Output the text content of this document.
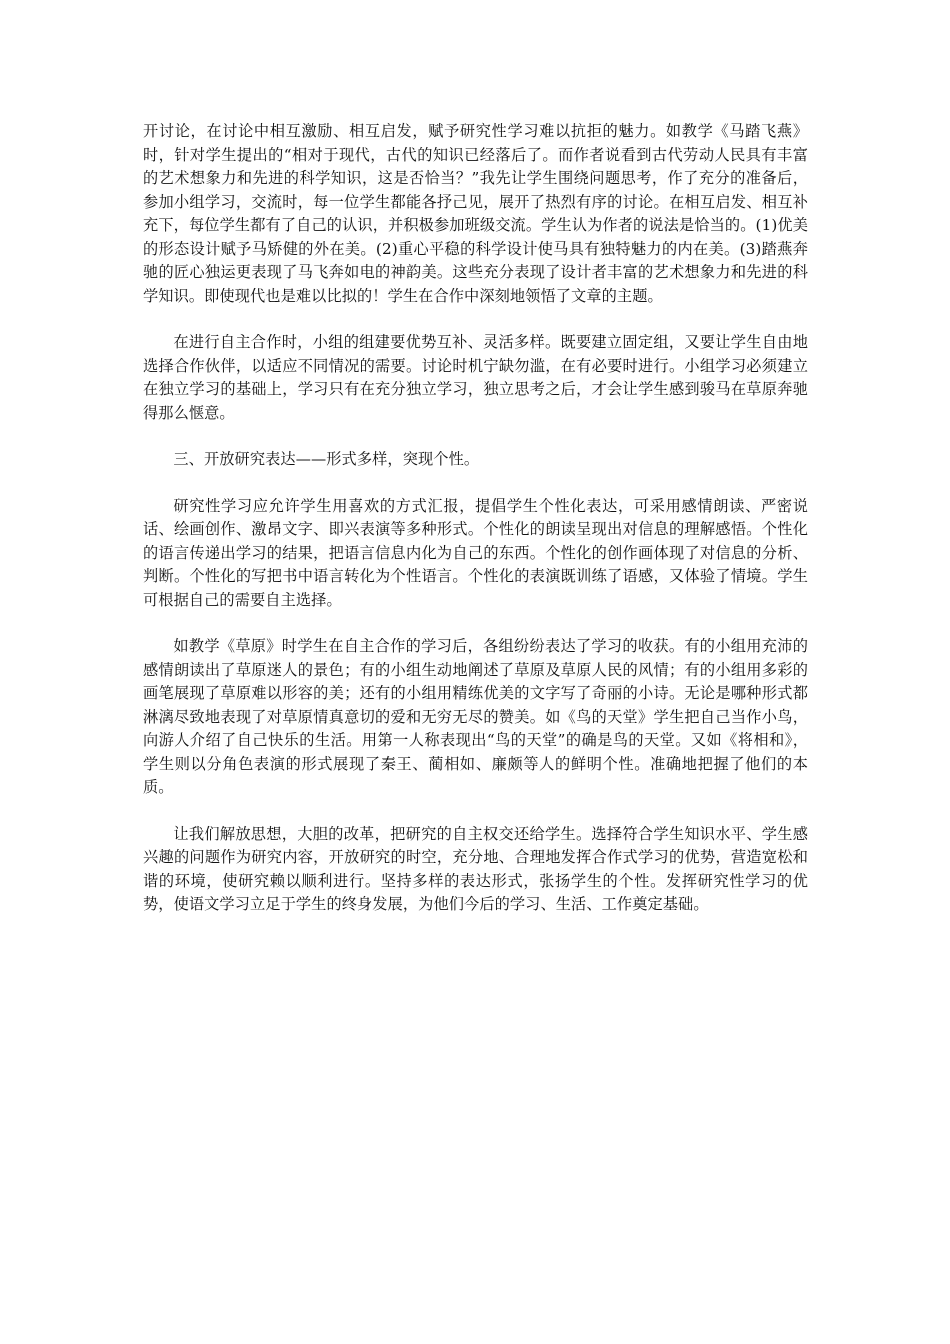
开讨论，在讨论中相互激励、相互启发，赋予研究性学习难以抗拒的魅力。如教学《马踏飞燕》时，针对学生提出的“相对于现代，古代的知识已经落后了。而作者说看到古代劳动人民具有丰富的艺术想象力和先进的科学知识，这是否恰当？”我先让学生围绕问题思考，作了充分的准备后，参加小组学习，交流时，每一位学生都能各抒己见，展开了热烈有序的讨论。在相互启发、相互补充下，每位学生都有了自己的认识，并积极参加班级交流。学生认为作者的说法是恰当的。(1)优美的形态设计赋予马矫健的外在美。(2)重心平稳的科学设计使马具有独特魅力的内在美。(3)踏燕奔驰的匠心独运更表现了马飞奔如电的神韵美。这些充分表现了设计者丰富的艺术想象力和先进的科学知识。即使现代也是难以比拟的！学生在合作中深刻地领悟了文章的主题。

在进行自主合作时，小组的组建要优势互补、灵活多样。既要建立固定组，又要让学生自由地选择合作伙伴，以适应不同情况的需要。讨论时机宁缺勿滥，在有必要时进行。小组学习必须建立在独立学习的基础上，学习只有在充分独立学习，独立思考之后，才会让学生感到骏马在草原奔驰得那么惬意。

三、开放研究表达——形式多样，突现个性。

研究性学习应允许学生用喜欢的方式汇报，提倡学生个性化表达，可采用感情朗读、严密说话、绘画创作、激昂文字、即兴表演等多种形式。个性化的朗读呈现出对信息的理解感悟。个性化的语言传递出学习的结果，把语言信息内化为自己的东西。个性化的创作画体现了对信息的分析、判断。个性化的写把书中语言转化为个性语言。个性化的表演既训练了语感，又体验了情境。学生可根据自己的需要自主选择。

如教学《草原》时学生在自主合作的学习后，各组纷纷表达了学习的收获。有的小组用充沛的感情朗读出了草原迷人的景色；有的小组生动地阐述了草原及草原人民的风情；有的小组用多彩的画笔展现了草原难以形容的美；还有的小组用精练优美的文字写了奇丽的小诗。无论是哪种形式都淋漓尽致地表现了对草原情真意切的爱和无穷无尽的赞美。如《鸟的天堂》学生把自己当作小鸟，向游人介绍了自己快乐的生活。用第一人称表现出“鸟的天堂”的确是鸟的天堂。又如《将相和》，学生则以分角色表演的形式展现了秦王、蔺相如、廉颇等人的鲜明个性。准确地把握了他们的本质。

让我们解放思想，大胆的改革，把研究的自主权交还给学生。选择符合学生知识水平、学生感兴趣的问题作为研究内容，开放研究的时空，充分地、合理地发挥合作式学习的优势，营造宽松和谐的环境，使研究赖以顺利进行。坚持多样的表达形式，张扬学生的个性。发挥研究性学习的优势，使语文学习立足于学生的终身发展，为他们今后的学习、生活、工作奠定基础。
